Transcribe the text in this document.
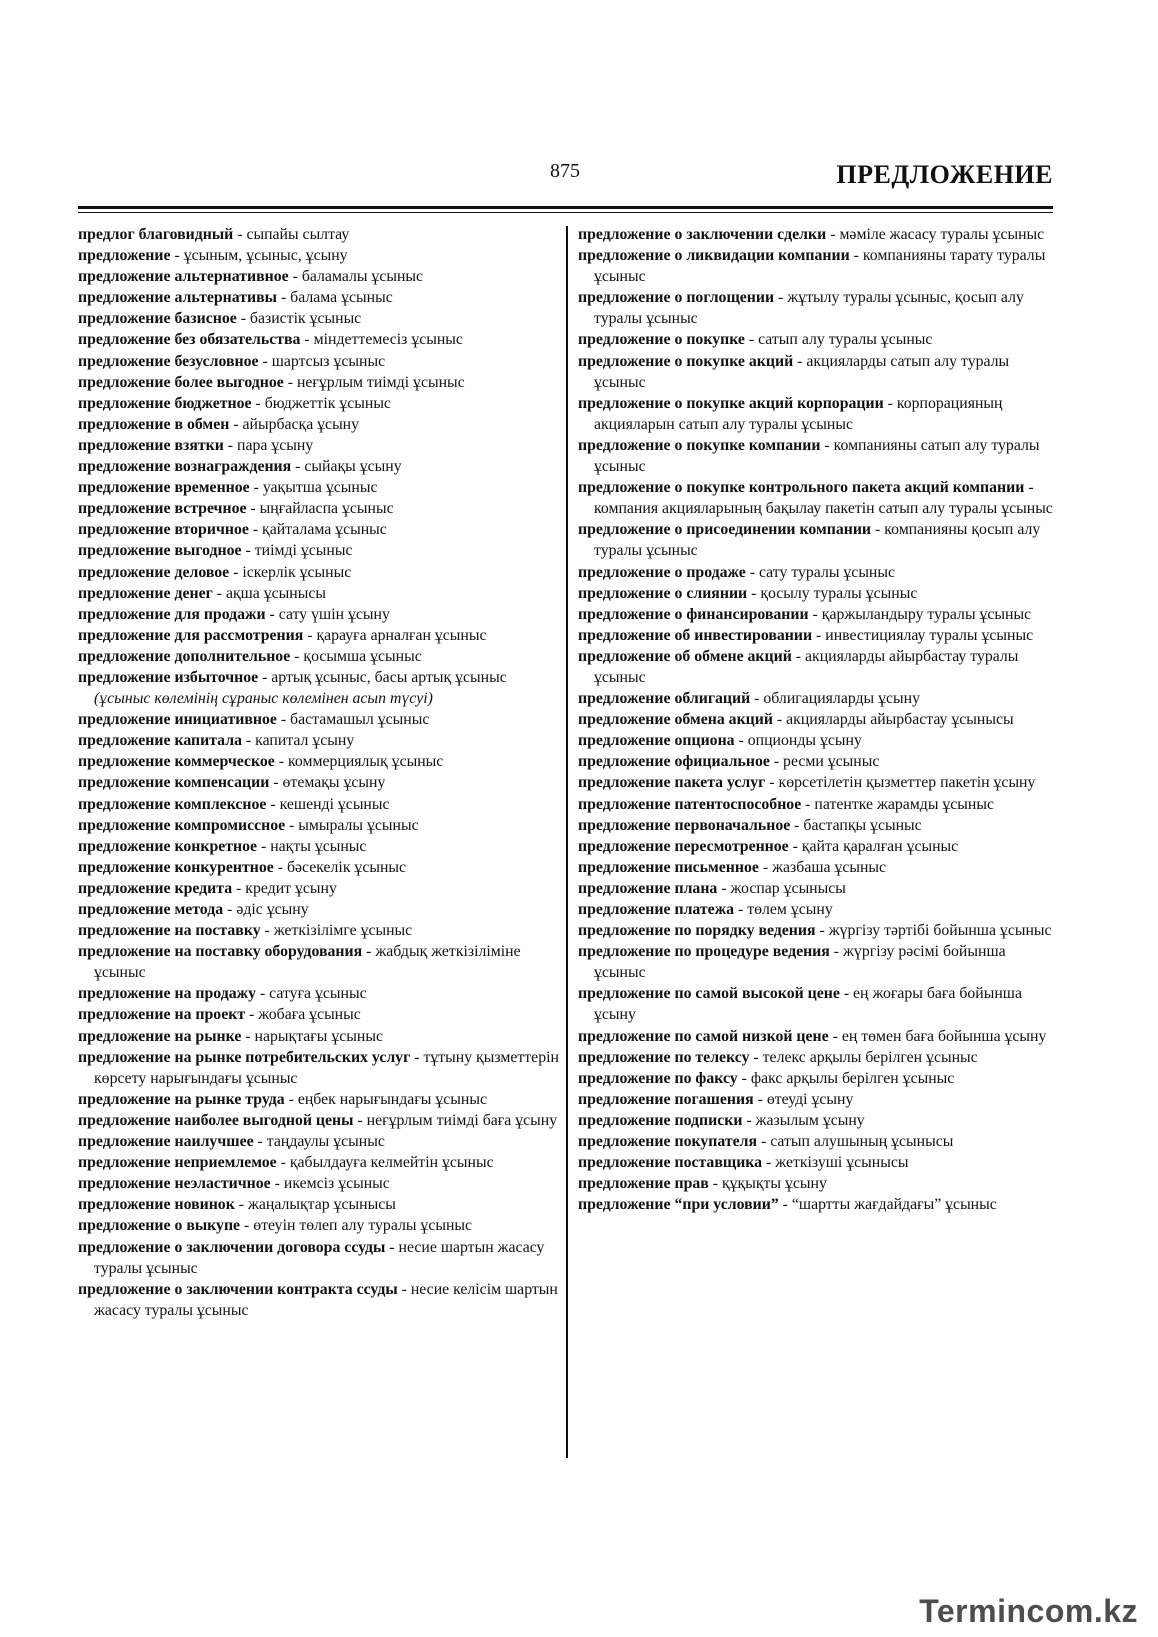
875	ПРЕДЛОЖЕНИЕ

предлог благовидный - сыпайы сылтау

предложение - ұсыным, ұсыныс, ұсыну

предложение альтернативное - баламалы ұсыныс

предложение альтернативы - балама ұсыныс

предложение базисное - базистік ұсыныс

предложение без обязательства - міндеттемесіз ұсыныс

предложение безусловное - шартсыз ұсыныс

предложение более выгодное - неғұрлым тиімді ұсыныс

предложение бюджетное - бюджеттік ұсыныс

предложение в обмен - айырбасқа ұсыну

предложение взятки - пара ұсыну

предложение вознаграждения - сыйақы ұсыну

предложение временное - уақытша ұсыныс

предложение встречное - ыңғайласпа ұсыныс

предложение вторичное - қайталама ұсыныс

предложение выгодное - тиімді ұсыныс

предложение деловое - іскерлік ұсыныс

предложение денег - ақша ұсынысы

предложение для продажи - сату үшін ұсыну

предложение для рассмотрения - қарауға арналған ұсыныс

предложение дополнительное - қосымша ұсыныс

предложение избыточное - артық ұсыныс, басы артық ұсыныс (ұсыныс көлемінің сұраныс көлемінен асып түсуі)

предложение инициативное - бастамашыл ұсыныс

предложение капитала - капитал ұсыну

предложение коммерческое - коммерциялық ұсыныс

предложение компенсации - өтемақы ұсыну

предложение комплексное - кешенді ұсыныс

предложение компромиссное - ымыралы ұсыныс

предложение конкретное - нақты ұсыныс

предложение конкурентное - бәсекелік ұсыныс

предложение кредита - кредит ұсыну

предложение метода - әдіс ұсыну

предложение на поставку - жеткізілімге ұсыныс

предложение на поставку оборудования - жабдық жеткізіліміне ұсыныс

предложение на продажу - сатуға ұсыныс

предложение на проект - жобаға ұсыныс

предложение на рынке - нарықтағы ұсыныс

предложение на рынке потребительских услуг - тұтыну қызметтерін көрсету нарығындағы ұсыныс

предложение на рынке труда - еңбек нарығындағы ұсыныс

предложение наиболее выгодной цены - неғұрлым тиімді баға ұсыну

предложение наилучшее - таңдаулы ұсыныс

предложение неприемлемое - қабылдауға келмейтін ұсыныс

предложение неэластичное - икемсіз ұсыныс

предложение новинок - жаңалықтар ұсынысы

предложение о выкупе - өтеуін төлеп алу туралы ұсыныс

предложение о заключении договора ссуды - несие шартын жасасу туралы ұсыныс

предложение о заключении контракта ссуды - несие келісім шартын жасасу туралы ұсыныс

предложение о заключении сделки - мәміле жасасу туралы ұсыныс

предложение о ликвидации компании - компанияны тарату туралы ұсыныс

предложение о поглощении - жұтылу туралы ұсыныс, қосып алу туралы ұсыныс

предложение о покупке - сатып алу туралы ұсыныс

предложение о покупке акций - акцияларды сатып алу туралы ұсыныс

предложение о покупке акций корпорации - корпорацияның акцияларын сатып алу туралы ұсыныс

предложение о покупке компании - компанияны сатып алу туралы ұсыныс

предложение о покупке контрольного пакета акций компании - компания акцияларының бақылау пакетін сатып алу туралы ұсыныс

предложение о присоединении компании - компанияны қосып алу туралы ұсыныс

предложение о продаже - сату туралы ұсыныс

предложение о слиянии - қосылу туралы ұсыныс

предложение о финансировании - қаржыландыру туралы ұсыныс

предложение об инвестировании - инвестициялау туралы ұсыныс

предложение об обмене акций - акцияларды айырбастау туралы ұсыныс

предложение облигаций - облигацияларды ұсыну

предложение обмена акций - акцияларды айырбастау ұсынысы

предложение опциона - опционды ұсыну

предложение официальное - ресми ұсыныс

предложение пакета услуг - көрсетілетін қызметтер пакетін ұсыну

предложение патентоспособное - патентке жарамды ұсыныс

предложение первоначальное - бастапқы ұсыныс

предложение пересмотренное - қайта қаралған ұсыныс

предложение письменное - жазбаша ұсыныс

предложение плана - жоспар ұсынысы

предложение платежа - төлем ұсыну

предложение по порядку ведения - жүргізу тәртібі бойынша ұсыныс

предложение по процедуре ведения - жүргізу рәсімі бойынша ұсыныс

предложение по самой высокой цене - ең жоғары баға бойынша ұсыну

предложение по самой низкой цене - ең төмен баға бойынша ұсыну

предложение по телексу - телекс арқылы берілген ұсыныс

предложение по факсу - факс арқылы берілген ұсыныс

предложение погашения - өтеуді ұсыну

предложение подписки - жазылым ұсыну

предложение покупателя - сатып алушының ұсынысы

предложение поставщика - жеткізуші ұсынысы

предложение прав - құқықты ұсыну

предложение “при условии” - “шартты жағдайдағы” ұсыныс

Termincom.kz
